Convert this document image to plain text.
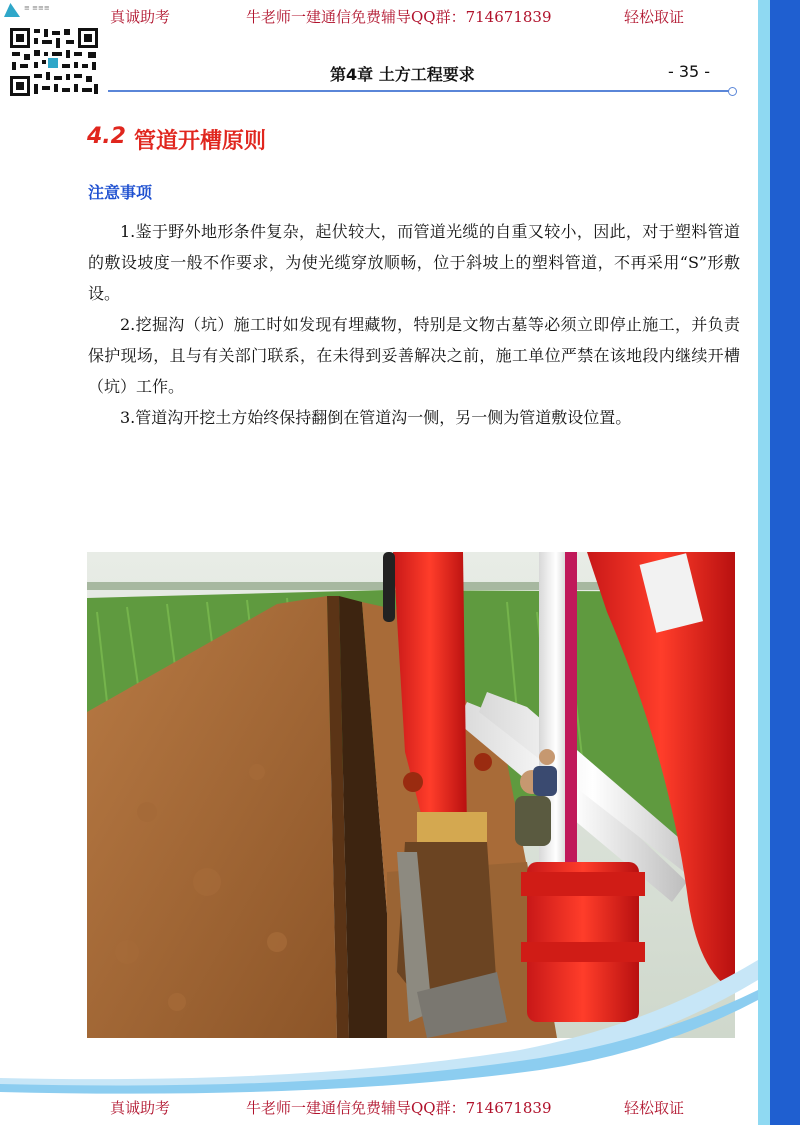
≡ ≡≡≡	真诚助考	牛老师一建通信免费辅导QQ群：714671839	轻松取证
第4章 土方工程要求	- 35 -
4.2 管道开槽原则
注意事项

1.鉴于野外地形条件复杂，起伏较大，而管道光缆的自重又较小，因此，对于塑料管道的敷设坡度一般不作要求，为使光缆穿放顺畅，位于斜坡上的塑料管道，不再采用“S”形敷设。

2.挖掘沟（坑）施工时如发现有埋藏物，特别是文物古墓等必须立即停止施工，并负责保护现场，且与有关部门联系，在未得到妥善解决之前，施工单位严禁在该地段内继续开槽（坑）工作。

3.管道沟开挖土方始终保持翻倒在管道沟一侧，另一侧为管道敷设位置。

真诚助考	牛老师一建通信免费辅导QQ群：714671839	轻松取证
